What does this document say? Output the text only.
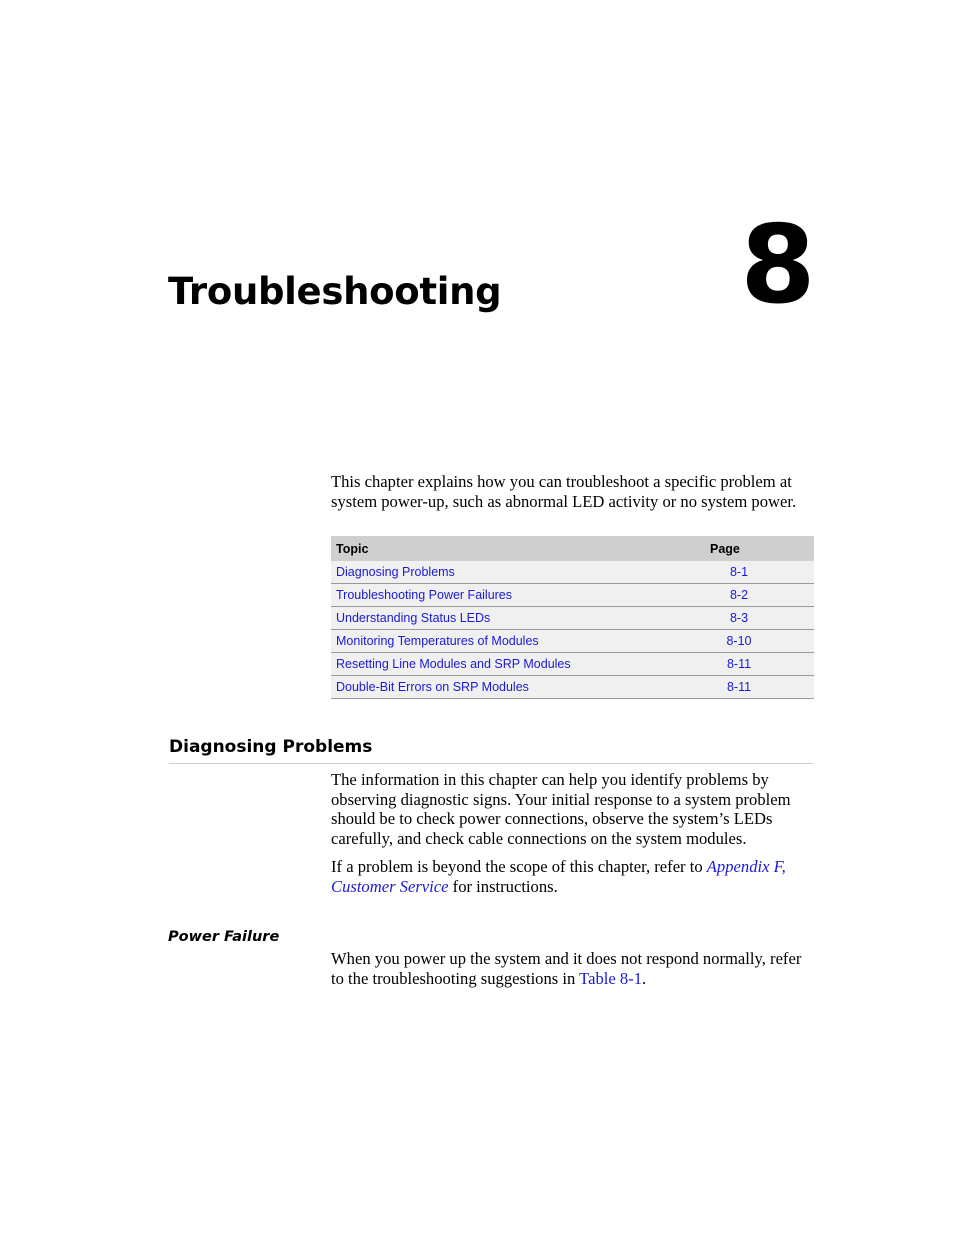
8
Troubleshooting

This chapter explains how you can troubleshoot a specific problem at system power-up, such as abnormal LED activity or no system power.

Topic	Page
Diagnosing Problems	8-1
Troubleshooting Power Failures	8-2
Understanding Status LEDs	8-3
Monitoring Temperatures of Modules	8-10
Resetting Line Modules and SRP Modules	8-11
Double-Bit Errors on SRP Modules	8-11
Diagnosing Problems

The information in this chapter can help you identify problems by observing diagnostic signs. Your initial response to a system problem should be to check power connections, observe the system’s LEDs carefully, and check cable connections on the system modules.

If a problem is beyond the scope of this chapter, refer to Appendix F, Customer Service for instructions.

Power Failure

When you power up the system and it does not respond normally, refer to the troubleshooting suggestions in Table 8-1.
